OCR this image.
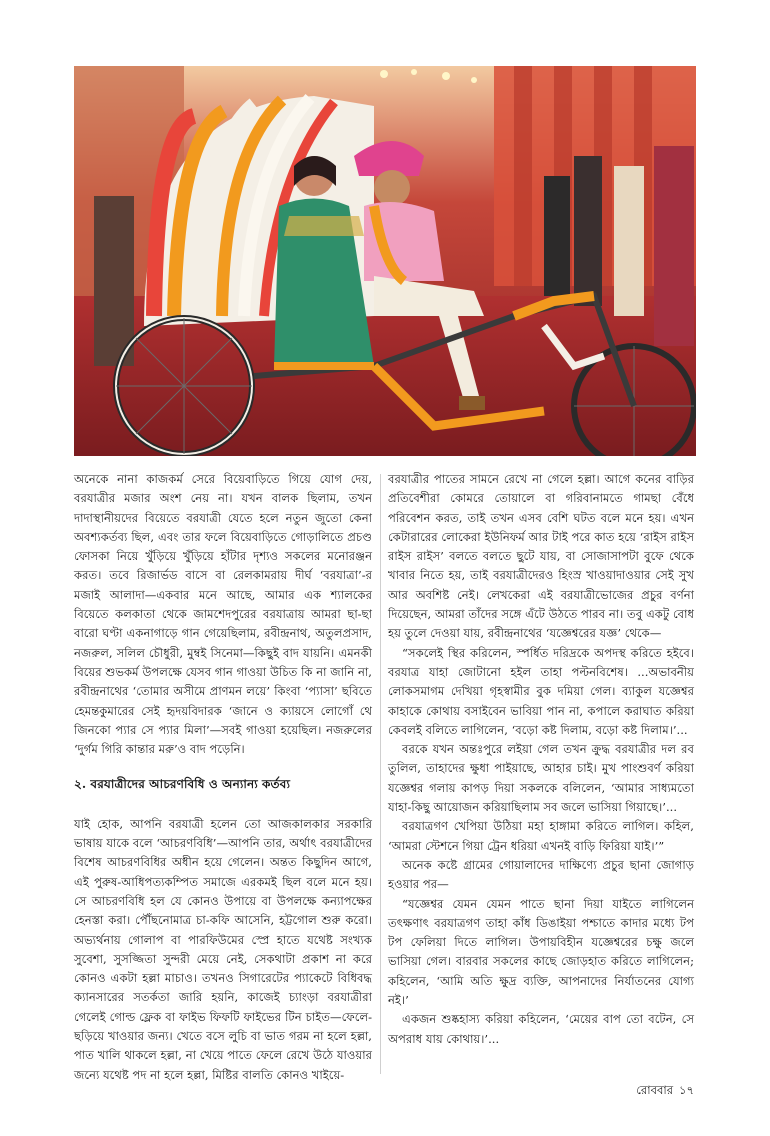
অনেকে নানা কাজকর্ম সেরে বিয়েবাড়িতে গিয়ে যোগ দেয়, বরযাত্রীর মজার অংশ নেয় না। যখন বালক ছিলাম, তখন দাদাস্থানীয়দের বিয়েতে বরযাত্রী যেতে হলে নতুন জুতো কেনা অবশ্যকর্তব্য ছিল, এবং তার ফলে বিয়েবাড়িতে গোড়ালিতে প্রচণ্ড ফোসকা নিয়ে খুঁড়িয়ে খুঁড়িয়ে হাঁটার দৃশ্যও সকলের মনোরঞ্জন করত। তবে রিজার্ভড বাসে বা রেলকামরায় দীর্ঘ ‘বরযাত্রা’-র মজাই আলাদা—একবার মনে আছে, আমার এক শ্যালকের বিয়েতে কলকাতা থেকে জামশেদপুরের বরযাত্রায় আমরা ছা-ছা বারো ঘণ্টা একনাগাড়ে গান গেয়েছিলাম, রবীন্দ্রনাথ, অতুলপ্রসাদ, নজরুল, সলিল চৌধুরী, মুম্বই সিনেমা—কিছুই বাদ যায়নি। এমনকী বিয়ের শুভকর্ম উপলক্ষে যেসব গান গাওয়া উচিত কি না জানি না, রবীন্দ্রনাথের ‘তোমার অসীমে প্রাণমন লয়ে’ কিংবা ‘প্যাসা’ ছবিতে হেমন্তকুমারের সেই হৃদয়বিদারক ‘জানে ও ক্যায়সে লোগোঁ থে জিনকো প্যার সে প্যার মিলা’—সবই গাওয়া হয়েছিল। নজরুলের ‘দুর্গম গিরি কান্তার মরু’ও বাদ পড়েনি।

২. বরযাত্রীদের আচরণবিধি ও অন্যান্য কর্তব্য

যাই হোক, আপনি বরযাত্রী হলেন তো আজকালকার সরকারি ভাষায় যাকে বলে ‘আচরণবিধি’—আপনি তার, অর্থাৎ বরযাত্রীদের বিশেষ আচরণবিধির অধীন হয়ে গেলেন। অন্তত কিছুদিন আগে, এই পুরুষ-আধিপত্যকম্পিত সমাজে এরকমই ছিল বলে মনে হয়। সে আচরণবিধি হল যে কোনও উপায়ে বা উপলক্ষে কন্যাপক্ষের হেনস্তা করা। পৌঁছনোমাত্র চা-কফি আসেনি, হট্টগোল শুরু করো। অভ্যর্থনায় গোলাপ বা পারফিউমের স্প্রে হাতে যথেষ্ট সংখ্যক সুবেশা, সুসজ্জিতা সুন্দরী মেয়ে নেই, সেকথাটা প্রকাশ না করে কোনও একটা হল্লা মাচাও। তখনও সিগারেটের প্যাকেটে বিধিবদ্ধ ক্যানসারের সতর্কতা জারি হয়নি, কাজেই চ্যাংড়া বরযাত্রীরা গেলেই গোল্ড ফ্লেক বা ফাইভ ফিফটি ফাইভের টিন চাইত—ফেলে-ছড়িয়ে খাওয়ার জন্য। খেতে বসে লুচি বা ভাত গরম না হলে হল্লা, পাত খালি থাকলে হল্লা, না খেয়ে পাতে ফেলে রেখে উঠে যাওয়ার জন্যে যথেষ্ট পদ না হলে হল্লা, মিষ্টির বালতি কোনও খাইয়ে-

বরযাত্রীর পাতের সামনে রেখে না গেলে হল্লা। আগে কনের বাড়ির প্রতিবেশীরা কোমরে তোয়ালে বা গরিবানামতে গামছা বেঁধে পরিবেশন করত, তাই তখন এসব বেশি ঘটত বলে মনে হয়। এখন কেটারারের লোকেরা ইউনিফর্ম আর টাই পরে কাত হয়ে ‘রাইস রাইস রাইস রাইস’ বলতে বলতে ছুটে যায়, বা সোজাসাপটা বুফে থেকে খাবার নিতে হয়, তাই বরযাত্রীদেরও হিংস্র খাওয়াদাওয়ার সেই সুখ আর অবশিষ্ট নেই। লেখকেরা এই বরযাত্রীভোজের প্রচুর বর্ণনা দিয়েছেন, আমরা তাঁদের সঙ্গে এঁটে উঠতে পারব না। তবু একটু বোধ হয় তুলে দেওয়া যায়, রবীন্দ্রনাথের ‘যজ্ঞেশ্বরের যজ্ঞ’ থেকে—

“সকলেই স্থির করিলেন, স্পর্ধিত দরিদ্রকে অপদস্থ করিতে হইবে। বরযাত্র যাহা জোটানো হইল তাহা পল্টনবিশেষ। ...অভাবনীয় লোকসমাগম দেখিয়া গৃহস্বামীর বুক দমিয়া গেল। ব্যাকুল যজ্ঞেশ্বর কাহাকে কোথায় বসাইবেন ভাবিয়া পান না, কপালে করাঘাত করিয়া কেবলই বলিতে লাগিলেন, ‘বড়ো কষ্ট দিলাম, বড়ো কষ্ট দিলাম।’...

বরকে যখন অন্তঃপুরে লইয়া গেল তখন ক্রুদ্ধ বরযাত্রীর দল রব তুলিল, তাহাদের ক্ষুধা পাইয়াছে, আহার চাই। মুখ পাংশুবর্ণ করিয়া যজ্ঞেশ্বর গলায় কাপড় দিয়া সকলকে বলিলেন, ‘আমার সাধ্যমতো যাহা-কিছু আয়োজন করিয়াছিলাম সব জলে ভাসিয়া গিয়াছে।’...

বরযাত্রগণ খেপিয়া উঠিয়া মহা হাঙ্গামা করিতে লাগিল। কহিল, ‘আমরা স্টেশনে গিয়া ট্রেন ধরিয়া এখনই বাড়ি ফিরিয়া যাই।’”

অনেক কষ্টে গ্রামের গোয়ালাদের দাক্ষিণ্যে প্রচুর ছানা জোগাড় হওয়ার পর—

“যজ্ঞেশ্বর যেমন যেমন পাতে ছানা দিয়া যাইতে লাগিলেন তৎক্ষণাৎ বরযাত্রগণ তাহা কাঁধ ডিঙাইয়া পশ্চাতে কাদার মধ্যে টপ টপ ফেলিয়া দিতে লাগিল। উপায়বিহীন যজ্ঞেশ্বরের চক্ষু জলে ভাসিয়া গেল। বারবার সকলের কাছে জোড়হাত করিতে লাগিলেন; কহিলেন, ‘আমি অতি ক্ষুদ্র ব্যক্তি, আপনাদের নির্যাতনের যোগ্য নই।’

একজন শুষ্কহাস্য করিয়া কহিলেন, ‘মেয়ের বাপ তো বটেন, সে অপরাধ যায় কোথায়।’...

রোববার ১৭
